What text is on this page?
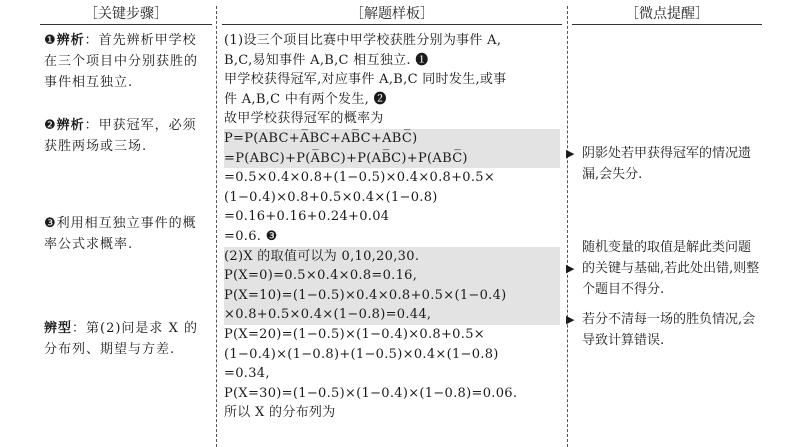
［ 关键步骤 ］
❶辨析：首先辨析甲学校在三个项目中分别获胜的事件相互独立.
❷辨析：甲获冠军，必须获胜两场或三场.
❸利用相互独立事件的概率公式求概率.
辨型：第(2)问是求 X 的分布列、期望与方差.
［ 解题样板 ］
(1)设三个项目比赛中甲学校获胜分别为事件 A,
B,C,易知事件 A,B,C 相互独立. ❶
甲学校获得冠军,对应事件 A,B,C 同时发生,或事
件 A,B,C 中有两个发生, ❷
故甲学校获得冠军的概率为
P=P(ABC+A̅BC+AB̅C+ABC̅)
=P(ABC)+P(A̅BC)+P(AB̅C)+P(ABC̅)
=0.5×0.4×0.8+(1−0.5)×0.4×0.8+0.5×
(1−0.4)×0.8+0.5×0.4×(1−0.8)
=0.16+0.16+0.24+0.04
=0.6. ❸
(2)X 的取值可以为 0,10,20,30.
P(X=0)=0.5×0.4×0.8=0.16,
P(X=10)=(1−0.5)×0.4×0.8+0.5×(1−0.4)
×0.8+0.5×0.4×(1−0.8)=0.44,
P(X=20)=(1−0.5)×(1−0.4)×0.8+0.5×
(1−0.4)×(1−0.8)+(1−0.5)×0.4×(1−0.8)
=0.34,
P(X=30)=(1−0.5)×(1−0.4)×(1−0.8)=0.06.
所以 X 的分布列为
［ 微点提醒 ］
▶ 阴影处若甲获得冠军的情况遗漏,会失分.
▶
随机变量的取值是解此类问题的关键与基础,若此处出错,则整个题目不得分.
▶ 若分不清每一场的胜负情况,会导致计算错误.
